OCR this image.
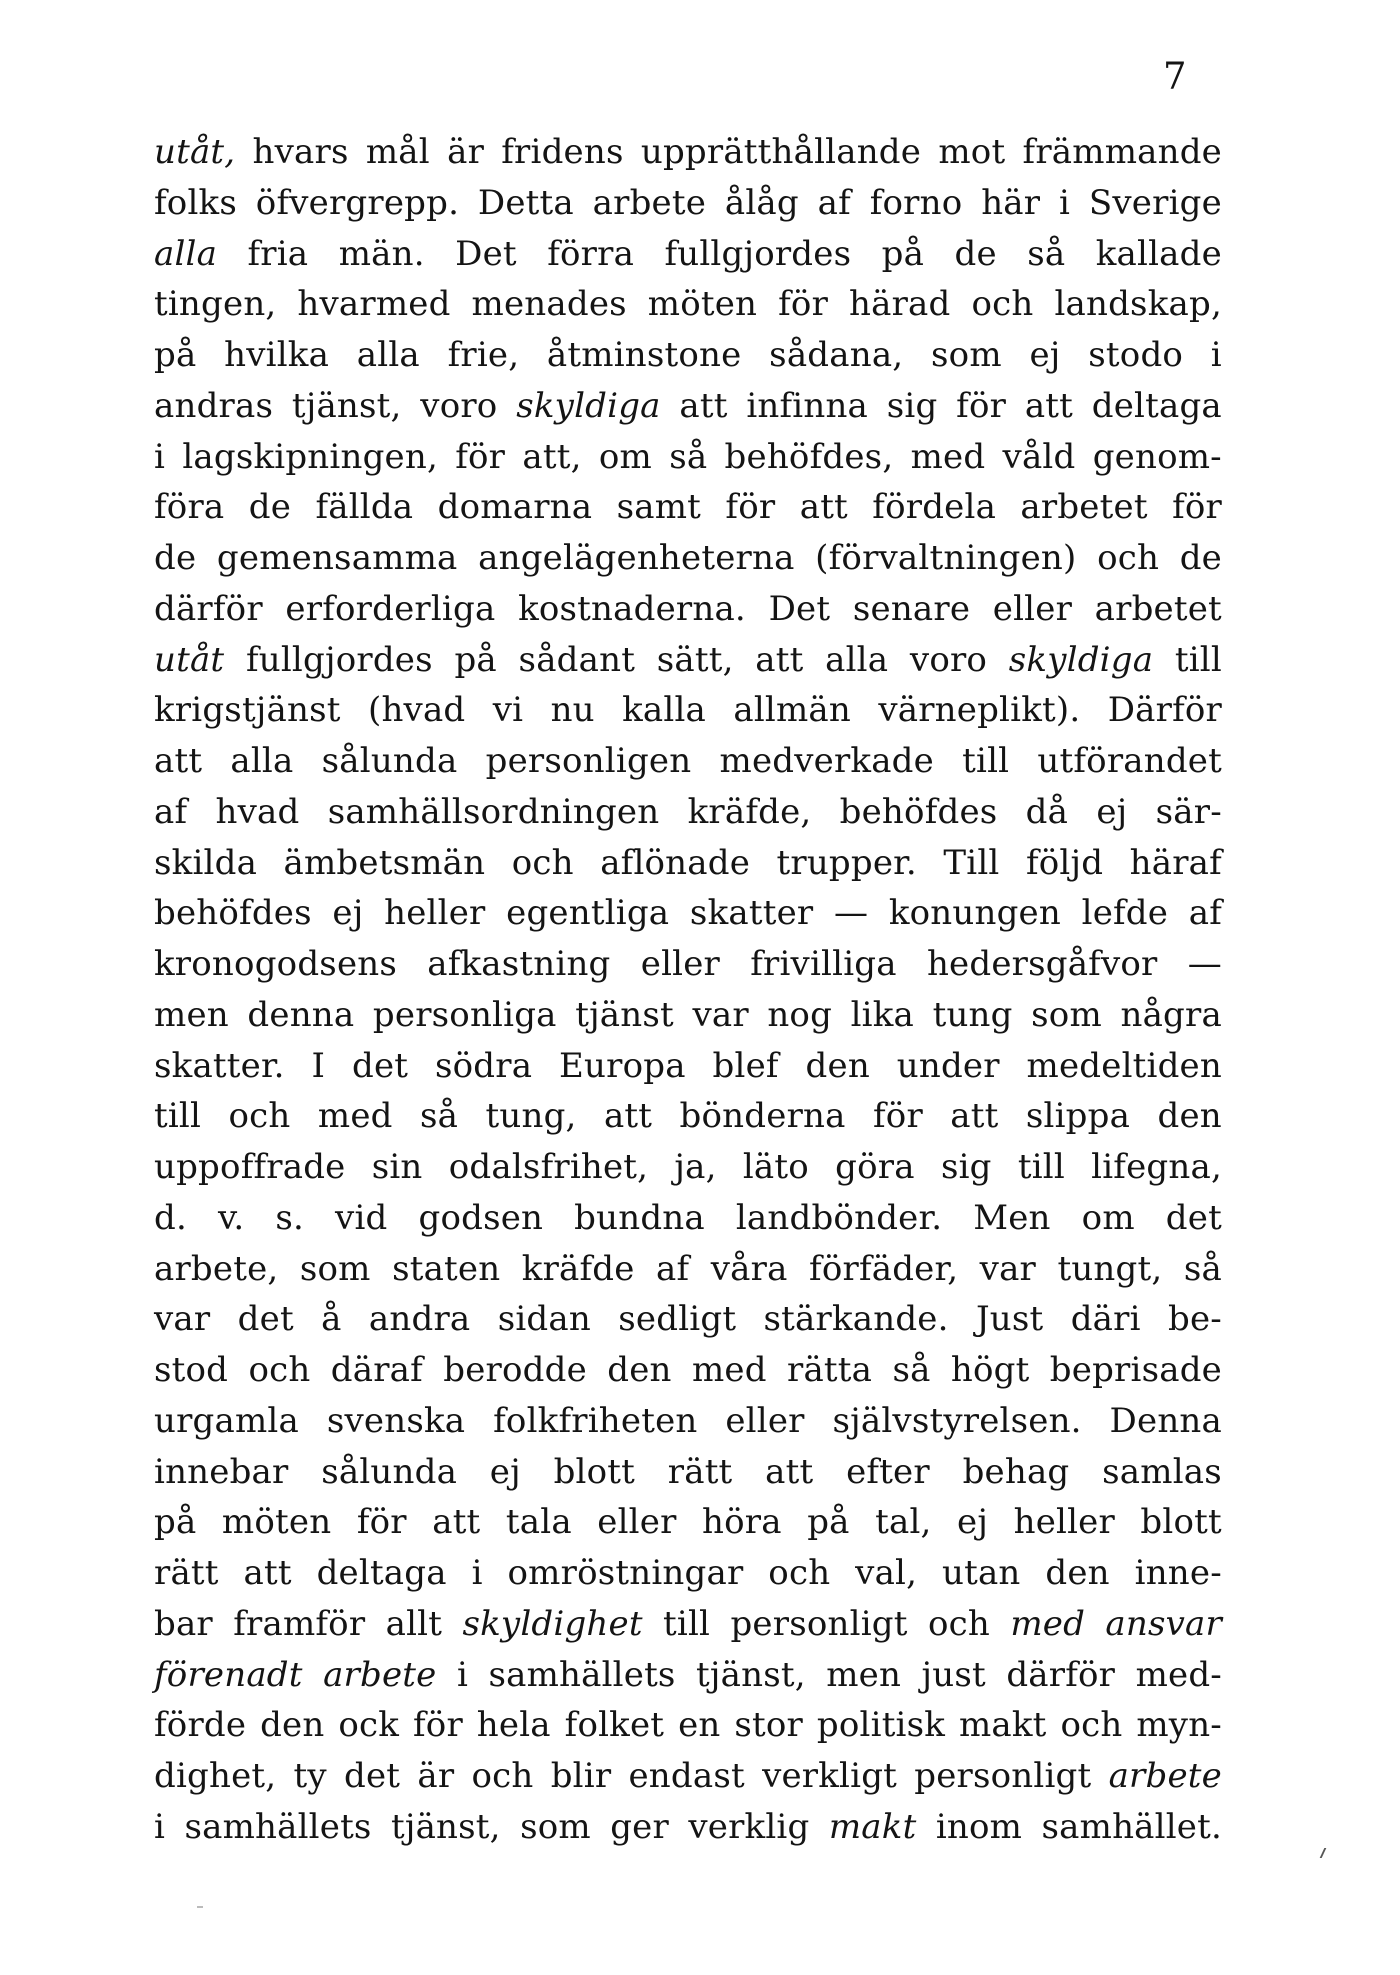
7
utåt, hvars mål är fridens upprätthållande mot främmande
folks öfvergrepp. Detta arbete ålåg af forno här i Sverige
alla fria män. Det förra fullgjordes på de så kallade
tingen, hvarmed menades möten för härad och landskap,
på hvilka alla frie, åtminstone sådana, som ej stodo i
andras tjänst, voro skyldiga att infinna sig för att deltaga
i lagskipningen, för att, om så behöfdes, med våld genom-
föra de fällda domarna samt för att fördela arbetet för
de gemensamma angelägenheterna (förvaltningen) och de
därför erforderliga kostnaderna. Det senare eller arbetet
utåt fullgjordes på sådant sätt, att alla voro skyldiga till
krigstjänst (hvad vi nu kalla allmän värneplikt). Därför
att alla sålunda personligen medverkade till utförandet
af hvad samhällsordningen kräfde, behöfdes då ej sär-
skilda ämbetsmän och aflönade trupper. Till följd häraf
behöfdes ej heller egentliga skatter — konungen lefde af
kronogodsens afkastning eller frivilliga hedersgåfvor —
men denna personliga tjänst var nog lika tung som några
skatter. I det södra Europa blef den under medeltiden
till och med så tung, att bönderna för att slippa den
uppoffrade sin odalsfrihet, ja, läto göra sig till lifegna,
d. v. s. vid godsen bundna landbönder. Men om det
arbete, som staten kräfde af våra förfäder, var tungt, så
var det å andra sidan sedligt stärkande. Just däri be-
stod och däraf berodde den med rätta så högt beprisade
urgamla svenska folkfriheten eller självstyrelsen. Denna
innebar sålunda ej blott rätt att efter behag samlas
på möten för att tala eller höra på tal, ej heller blott
rätt att deltaga i omröstningar och val, utan den inne-
bar framför allt skyldighet till personligt och med ansvar
förenadt arbete i samhällets tjänst, men just därför med-
förde den ock för hela folket en stor politisk makt och myn-
dighet, ty det är och blir endast verkligt personligt arbete
i samhällets tjänst, som ger verklig makt inom samhället.
